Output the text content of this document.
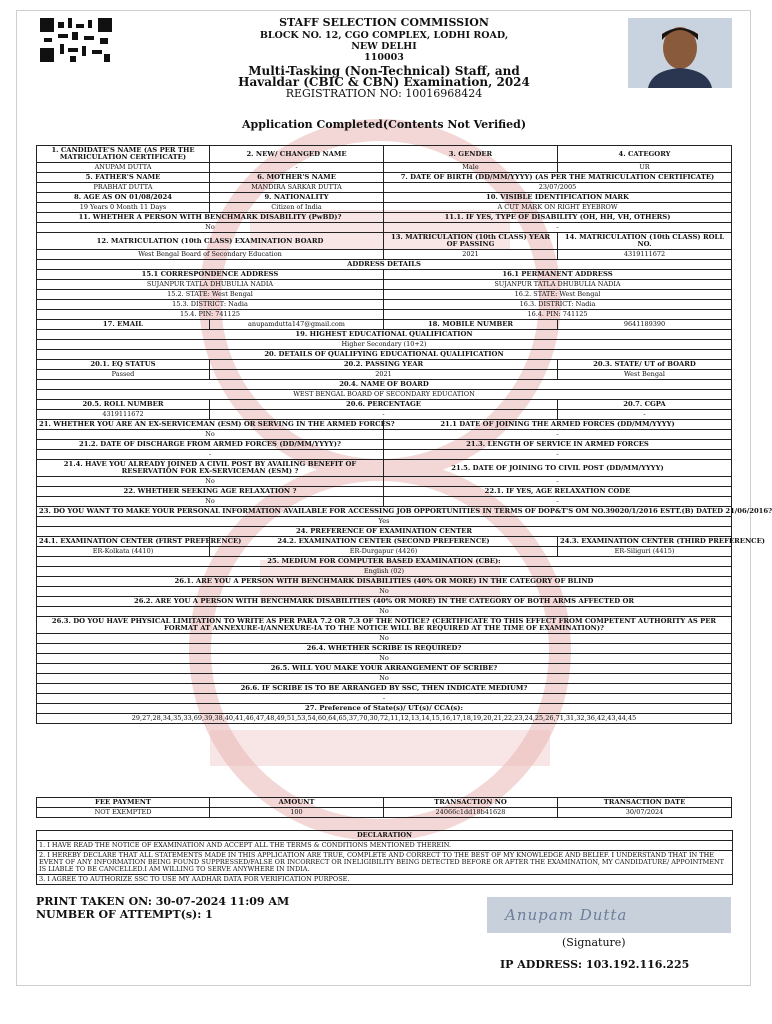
STAFF SELECTION COMMISSION
BLOCK NO. 12, CGO COMPLEX, LODHI ROAD,
NEW DELHI
110003
Multi-Tasking (Non-Technical) Staff, and
Havaldar (CBIC & CBN) Examination, 2024
REGISTRATION NO: 10016968424
Application Completed(Contents Not Verified)
1. CANDIDATE'S NAME (AS PER THE MATRICULATION CERTIFICATE)	2. NEW/ CHANGED NAME	3. GENDER	4. CATEGORY
ANUPAM DUTTA	-	Male	UR
5. FATHER'S NAME	6. MOTHER'S NAME	7. DATE OF BIRTH (DD/MM/YYYY) (AS PER THE MATRICULATION CERTIFICATE)	
PRABHAT DUTTA	MANDIRA SARKAR DUTTA	23/07/2005	
8. AGE AS ON 01/08/2024	9. NATIONALITY	10. VISIBLE IDENTIFICATION MARK	
19 Years 0 Month 11 Days	Citizen of India	A CUT MARK ON RIGHT EYEBROW	
11. WHETHER A PERSON WITH BENCHMARK DISABILITY (PwBD)?		11.1. IF YES, TYPE OF DISABILITY (OH, HH, VH, OTHERS)	
No		-	
12. MATRICULATION (10th CLASS) EXAMINATION BOARD		13. MATRICULATION (10th CLASS) YEAR OF PASSING	14. MATRICULATION (10th CLASS) ROLL NO.
West Bengal Board of Secondary Education		2021	4319111672
ADDRESS DETAILS			
15.1 CORRESPONDENCE ADDRESS		16.1 PERMANENT ADDRESS	
SUJANPUR TATLA DHUBULIA NADIA		SUJANPUR TATLA DHUBULIA NADIA	
15.2. STATE: West Bengal		16.2. STATE: West Bengal	
15.3. DISTRICT: Nadia		16.3. DISTRICT: Nadia	
15.4. PIN: 741125		16.4. PIN: 741125	
17. EMAIL	anupamdutta147@gmail.com	18. MOBILE NUMBER	9641189390
19. HIGHEST EDUCATIONAL QUALIFICATION			
Higher Secondary (10+2)			
20. DETAILS OF QUALIFYING EDUCATIONAL QUALIFICATION			
20.1. EQ STATUS	20.2. PASSING YEAR		20.3. STATE/ UT of BOARD
Passed	2021		West Bengal
20.4. NAME OF BOARD			
WEST BENGAL BOARD OF SECONDARY EDUCATION			
20.5. ROLL NUMBER	20.6. PERCENTAGE		20.7. CGPA
4319111672	-		-
21. WHETHER YOU ARE AN EX-SERVICEMAN (ESM) OR SERVING IN THE ARMED FORCES?		21.1 DATE OF JOINING THE ARMED FORCES (DD/MM/YYYY)	
No		-	
21.2. DATE OF DISCHARGE FROM ARMED FORCES (DD/MM/YYYY)?		21.3. LENGTH OF SERVICE IN ARMED FORCES	
-		-	
21.4. HAVE YOU ALREADY JOINED A CIVIL POST BY AVAILING BENEFIT OF RESERVATION FOR EX-SERVICEMAN (ESM) ?		21.5. DATE OF JOINING TO CIVIL POST (DD/MM/YYYY)	
No		-	
22. WHETHER SEEKING AGE RELAXATION ?		22.1. IF YES, AGE RELAXATION CODE	
No		-	
23. DO YOU WANT TO MAKE YOUR PERSONAL INFORMATION AVAILABLE FOR ACCESSING JOB OPPORTUNITIES IN TERMS OF DOP&T'S OM NO.39020/1/2016 ESTT.(B) DATED 21/06/2016?			
Yes			
24. PREFERENCE OF EXAMINATION CENTER			
24.1. EXAMINATION CENTER (FIRST PREFERENCE)	24.2. EXAMINATION CENTER (SECOND PREFERENCE)		24.3. EXAMINATION CENTER (THIRD PREFERENCE)
ER-Kolkata (4410)	ER-Durgapur (4426)		ER-Siliguri (4415)
25. MEDIUM FOR COMPUTER BASED EXAMINATION (CBE):			
English (02)			
26.1. ARE YOU A PERSON WITH BENCHMARK DISABILITIES (40% OR MORE) IN THE CATEGORY OF BLIND			
No			
26.2. ARE YOU A PERSON WITH BENCHMARK DISABILITIES (40% OR MORE) IN THE CATEGORY OF BOTH ARMS AFFECTED OR			
No			
26.3. DO YOU HAVE PHYSICAL LIMITATION TO WRITE AS PER PARA 7.2 OR 7.3 OF THE NOTICE? (CERTIFICATE TO THIS EFFECT FROM COMPETENT AUTHORITY AS PER FORMAT AT ANNEXURE-I/ANNEXURE-IA TO THE NOTICE WILL BE REQUIRED AT THE TIME OF EXAMINATION)?			
No			
26.4. WHETHER SCRIBE IS REQUIRED?			
No			
26.5. WILL YOU MAKE YOUR ARRANGEMENT OF SCRIBE?			
No			
26.6. IF SCRIBE IS TO BE ARRANGED BY SSC, THEN INDICATE MEDIUM?			
-			
27. Preference of State(s)/ UT(s)/ CCA(s):			
29,27,28,34,35,33,69,39,38,40,41,46,47,48,49,51,53,54,60,64,65,37,70,30,72,11,12,13,14,15,16,17,18,19,20,21,22,23,24,25,26,71,31,32,36,42,43,44,45			
FEE PAYMENT	AMOUNT	TRANSACTION NO	TRANSACTION DATE
NOT EXEMPTED	100	24066c1dd18b41628	30/07/2024
DECLARATION
1. I HAVE READ THE NOTICE OF EXAMINATION AND ACCEPT ALL THE TERMS & CONDITIONS MENTIONED THEREIN.
2. I HEREBY DECLARE THAT ALL STATEMENTS MADE IN THIS APPLICATION ARE TRUE, COMPLETE AND CORRECT TO THE BEST OF MY KNOWLEDGE AND BELIEF. I UNDERSTAND THAT IN THE EVENT OF ANY INFORMATION BEING FOUND SUPPRESSED/FALSE OR INCORRECT OR INELIGIBILITY BEING DETECTED BEFORE OR AFTER THE EXAMINATION, MY CANDIDATURE/ APPOINTMENT IS LIABLE TO BE CANCELLED.I AM WILLING TO SERVE ANYWHERE IN INDIA.
3. I AGREE TO AUTHORIZE SSC TO USE MY AADHAR DATA FOR VERIFICATION PURPOSE.
PRINT TAKEN ON: 30-07-2024 11:09 AM
NUMBER OF ATTEMPT(s): 1	Anupam Dutta
(Signature)
IP ADDRESS: 103.192.116.225
